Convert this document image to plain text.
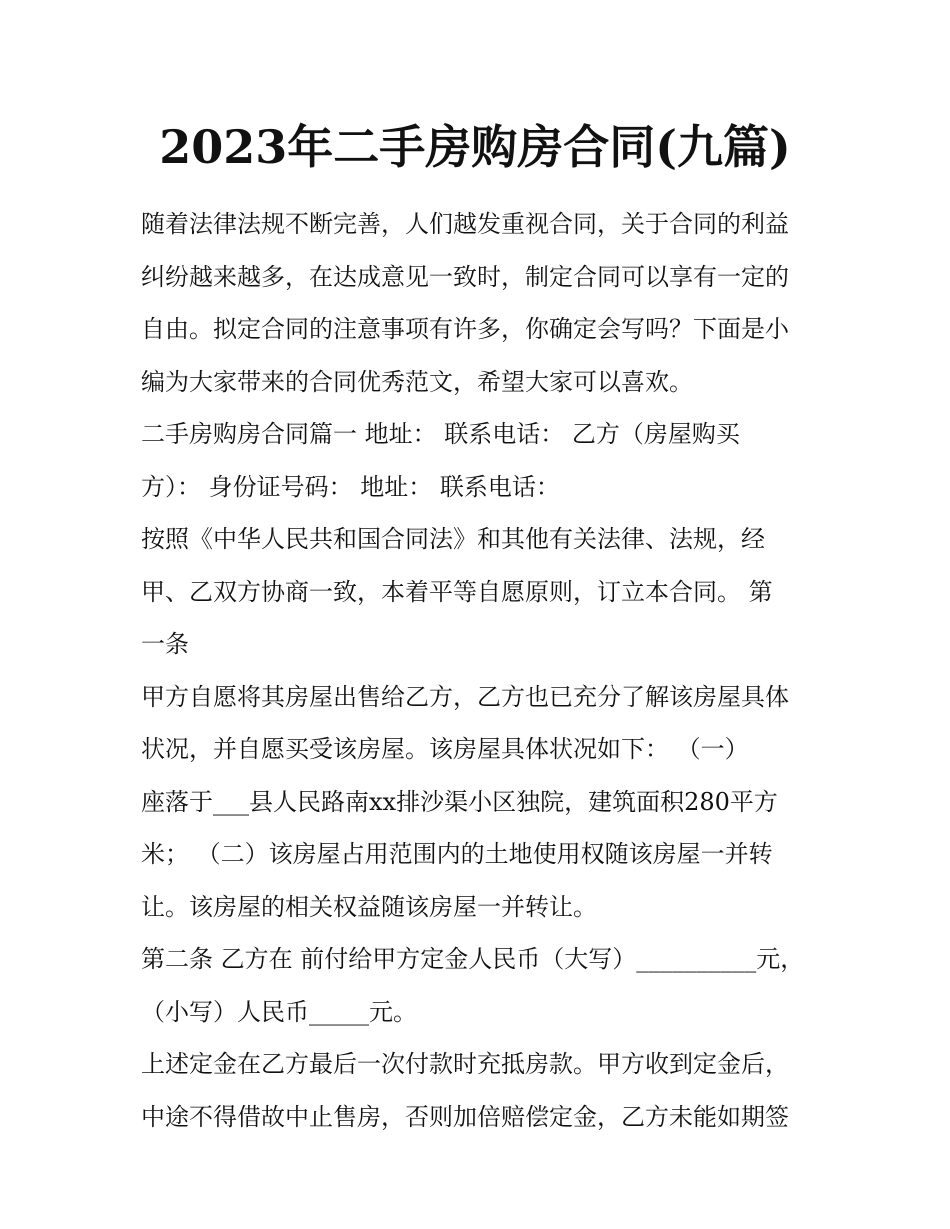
2023年二手房购房合同(九篇)
随着法律法规不断完善，人们越发重视合同，关于合同的利益
纠纷越来越多，在达成意见一致时，制定合同可以享有一定的
自由。拟定合同的注意事项有许多，你确定会写吗？下面是小
编为大家带来的合同优秀范文，希望大家可以喜欢。
二手房购房合同篇一 地址： 联系电话： 乙方（房屋购买
方）： 身份证号码： 地址： 联系电话：
按照《中华人民共和国合同法》和其他有关法律、法规，经
甲、乙双方协商一致，本着平等自愿原则，订立本合同。 第
一条
甲方自愿将其房屋出售给乙方，乙方也已充分了解该房屋具体
状况，并自愿买受该房屋。该房屋具体状况如下： （一）
座落于___县人民路南xx排沙渠小区独院，建筑面积280平方
米； （二）该房屋占用范围内的土地使用权随该房屋一并转
让。该房屋的相关权益随该房屋一并转让。
第二条 乙方在 前付给甲方定金人民币（大写）__________元，
（小写）人民币_____元。
上述定金在乙方最后一次付款时充抵房款。甲方收到定金后，
中途不得借故中止售房，否则加倍赔偿定金，乙方未能如期签
